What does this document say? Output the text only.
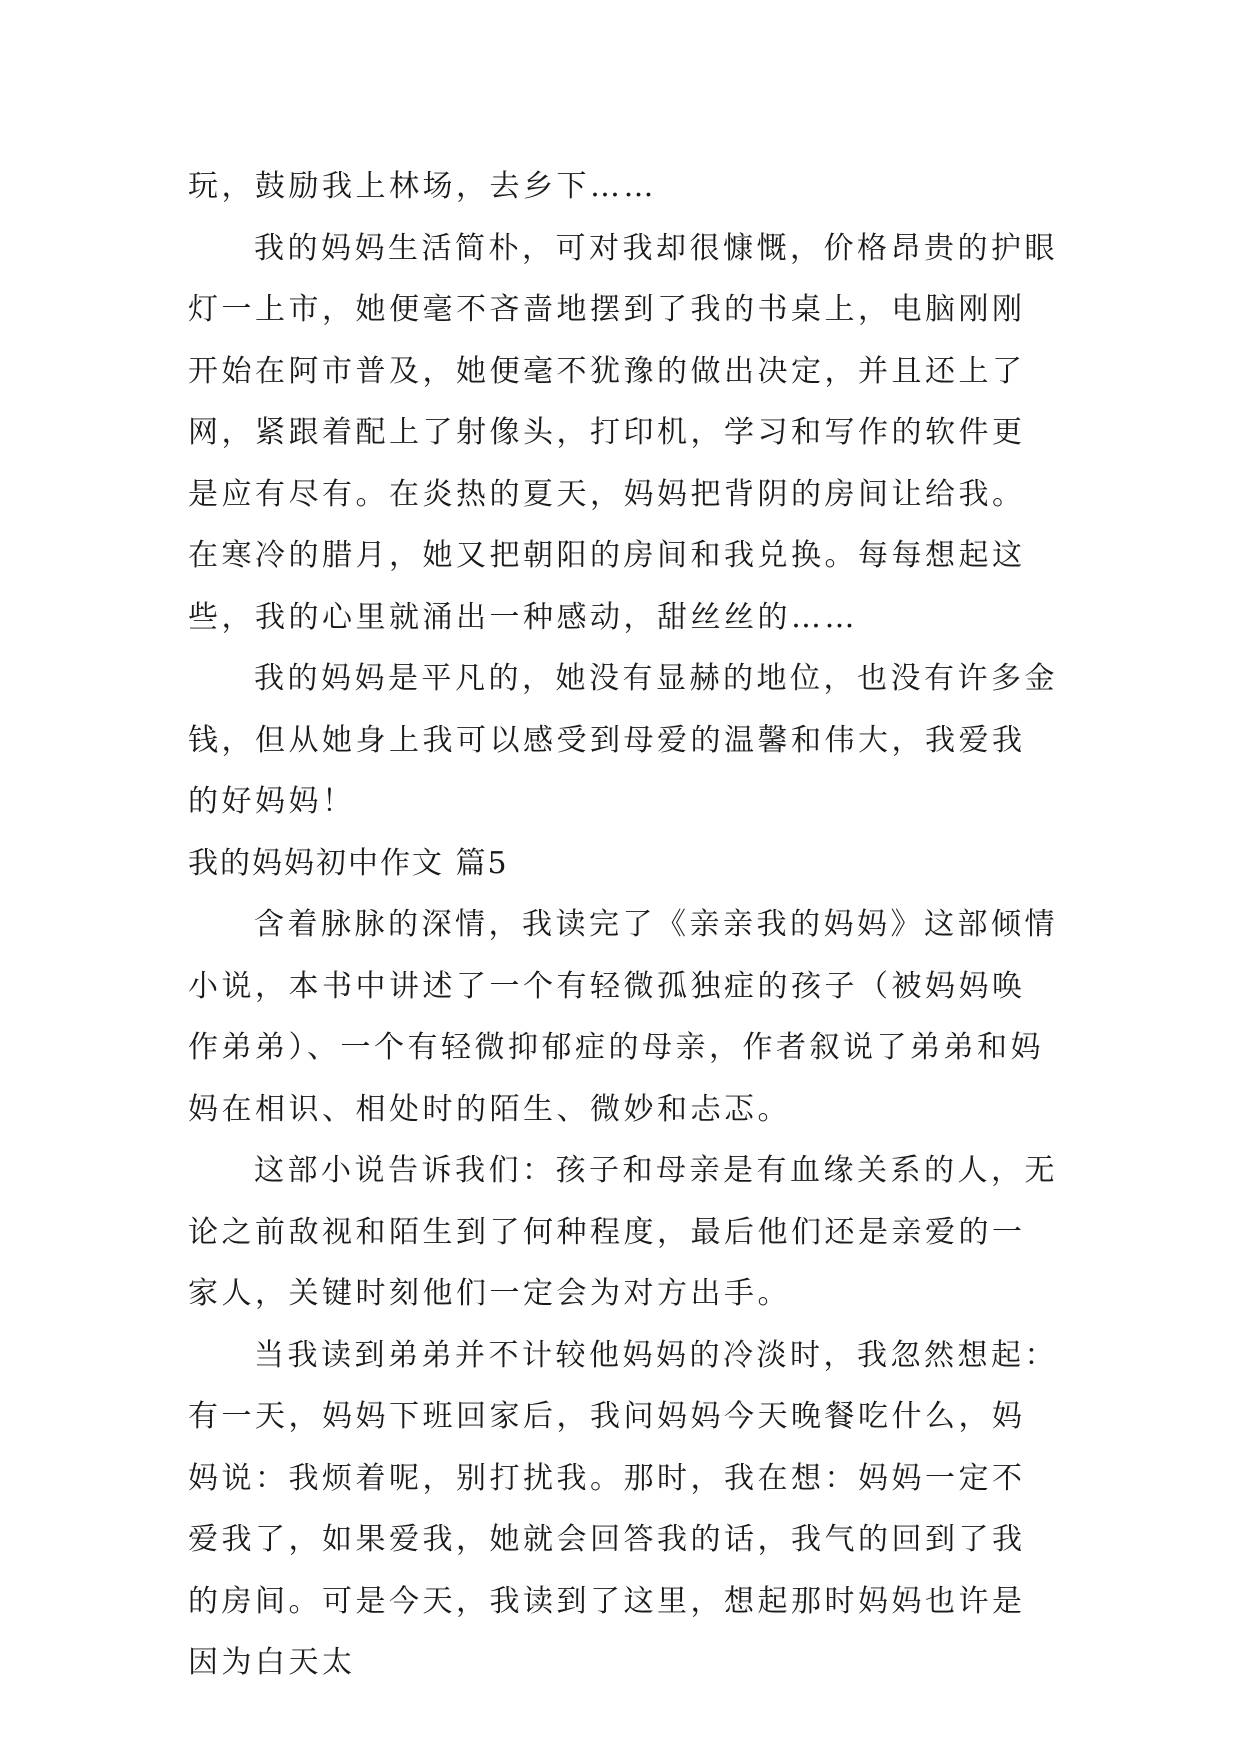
玩，鼓励我上林场，去乡下……

我的妈妈生活简朴，可对我却很慷慨，价格昂贵的护眼灯一上市，她便毫不吝啬地摆到了我的书桌上，电脑刚刚开始在阿市普及，她便毫不犹豫的做出决定，并且还上了网，紧跟着配上了射像头，打印机，学习和写作的软件更是应有尽有。在炎热的夏天，妈妈把背阴的房间让给我。在寒冷的腊月，她又把朝阳的房间和我兑换。每每想起这些，我的心里就涌出一种感动，甜丝丝的……

我的妈妈是平凡的，她没有显赫的地位，也没有许多金钱，但从她身上我可以感受到母爱的温馨和伟大，我爱我的好妈妈！

我的妈妈初中作文 篇5

含着脉脉的深情，我读完了《亲亲我的妈妈》这部倾情小说，本书中讲述了一个有轻微孤独症的孩子（被妈妈唤作弟弟）、一个有轻微抑郁症的母亲，作者叙说了弟弟和妈妈在相识、相处时的陌生、微妙和忐忑。

这部小说告诉我们：孩子和母亲是有血缘关系的人，无论之前敌视和陌生到了何种程度，最后他们还是亲爱的一家人，关键时刻他们一定会为对方出手。

当我读到弟弟并不计较他妈妈的冷淡时，我忽然想起：有一天，妈妈下班回家后，我问妈妈今天晚餐吃什么，妈妈说：我烦着呢，别打扰我。那时，我在想：妈妈一定不爱我了，如果爱我，她就会回答我的话，我气的回到了我的房间。可是今天，我读到了这里，想起那时妈妈也许是因为白天太
